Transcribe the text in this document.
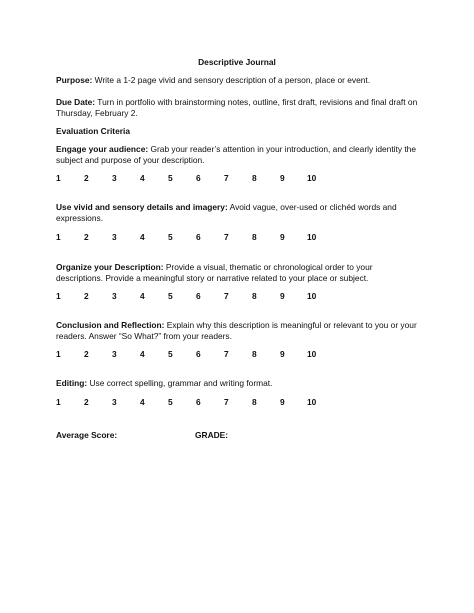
Descriptive Journal

Purpose: Write a 1-2 page vivid and sensory description of a person, place or event.

Due Date: Turn in portfolio with brainstorming notes, outline, first draft, revisions and final draft on Thursday, February 2.

Evaluation Criteria

Engage your audience: Grab your reader’s attention in your introduction, and clearly identity the subject and purpose of your description.

1	2	3	4	5	6	7	8	9	10

Use vivid and sensory details and imagery: Avoid vague, over-used or clichéd words and expressions.

1	2	3	4	5	6	7	8	9	10

Organize your Description: Provide a visual, thematic or chronological order to your descriptions. Provide a meaningful story or narrative related to your place or subject.

1	2	3	4	5	6	7	8	9	10

Conclusion and Reflection: Explain why this description is meaningful or relevant to you or your readers. Answer “So What?” from your readers.

1	2	3	4	5	6	7	8	9	10

Editing: Use correct spelling, grammar and writing format.

1	2	3	4	5	6	7	8	9	10
Average Score:	GRADE:
